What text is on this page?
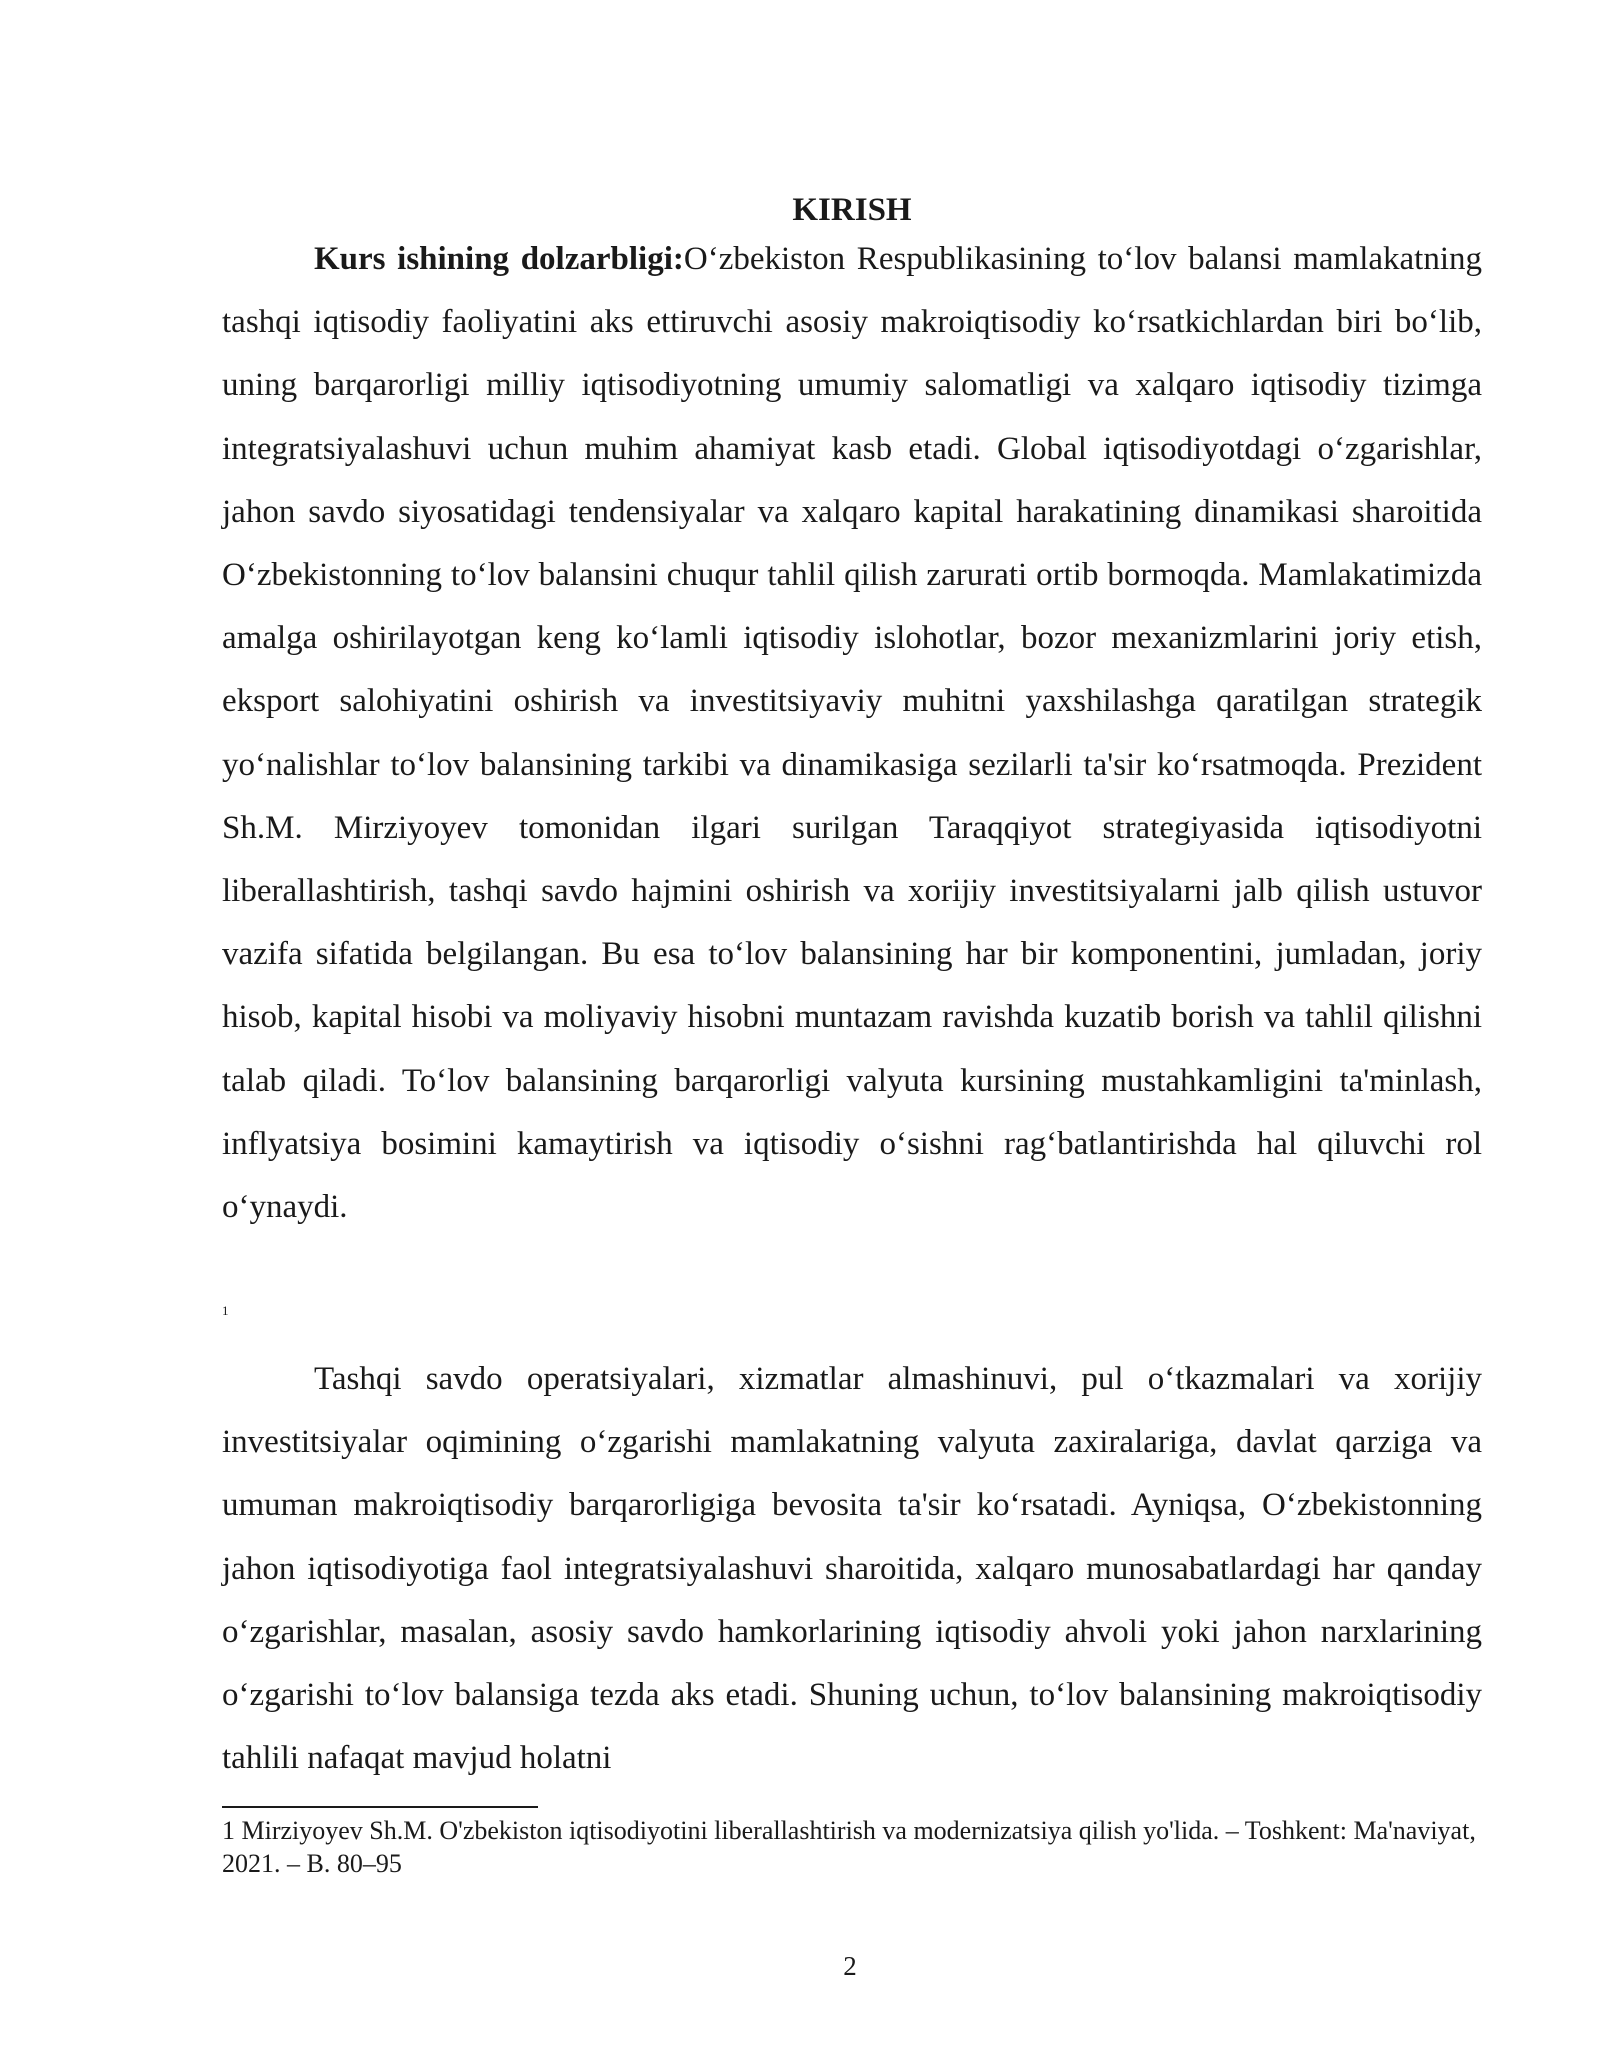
KIRISH

Kurs ishining dolzarbligi:O‘zbekiston Respublikasining to‘lov balansi mamlakatning tashqi iqtisodiy faoliyatini aks ettiruvchi asosiy makroiqtisodiy ko‘rsatkichlardan biri bo‘lib, uning barqarorligi milliy iqtisodiyotning umumiy salomatligi va xalqaro iqtisodiy tizimga integratsiyalashuvi uchun muhim ahamiyat kasb etadi. Global iqtisodiyotdagi o‘zgarishlar, jahon savdo siyosatidagi tendensiyalar va xalqaro kapital harakatining dinamikasi sharoitida O‘zbekistonning to‘lov balansini chuqur tahlil qilish zarurati ortib bormoqda. Mamlakatimizda amalga oshirilayotgan keng ko‘lamli iqtisodiy islohotlar, bozor mexanizmlarini joriy etish, eksport salohiyatini oshirish va investitsiyaviy muhitni yaxshilashga qaratilgan strategik yo‘nalishlar to‘lov balansining tarkibi va dinamikasiga sezilarli ta'sir ko‘rsatmoqda. Prezident Sh.M. Mirziyoyev tomonidan ilgari surilgan Taraqqiyot strategiyasida iqtisodiyotni liberallashtirish, tashqi savdo hajmini oshirish va xorijiy investitsiyalarni jalb qilish ustuvor vazifa sifatida belgilangan. Bu esa to‘lov balansining har bir komponentini, jumladan, joriy hisob, kapital hisobi va moliyaviy hisobni muntazam ravishda kuzatib borish va tahlil qilishni talab qiladi. To‘lov balansining barqarorligi valyuta kursining mustahkamligini ta'minlash, inflyatsiya bosimini kamaytirish va iqtisodiy o‘sishni rag‘batlantirishda hal qiluvchi rol o‘ynaydi.

1

Tashqi savdo operatsiyalari, xizmatlar almashinuvi, pul o‘tkazmalari va xorijiy investitsiyalar oqimining o‘zgarishi mamlakatning valyuta zaxiralariga, davlat qarziga va umuman makroiqtisodiy barqarorligiga bevosita ta'sir ko‘rsatadi. Ayniqsa, O‘zbekistonning jahon iqtisodiyotiga faol integratsiyalashuvi sharoitida, xalqaro munosabatlardagi har qanday o‘zgarishlar, masalan, asosiy savdo hamkorlarining iqtisodiy ahvoli yoki jahon narxlarining o‘zgarishi to‘lov balansiga tezda aks etadi. Shuning uchun, to‘lov balansining makroiqtisodiy tahlili nafaqat mavjud holatni

1 Mirziyoyev Sh.M. O'zbekiston iqtisodiyotini liberallashtirish va modernizatsiya qilish yo'lida. – Toshkent: Ma'naviyat, 2021. – B. 80–95

2
